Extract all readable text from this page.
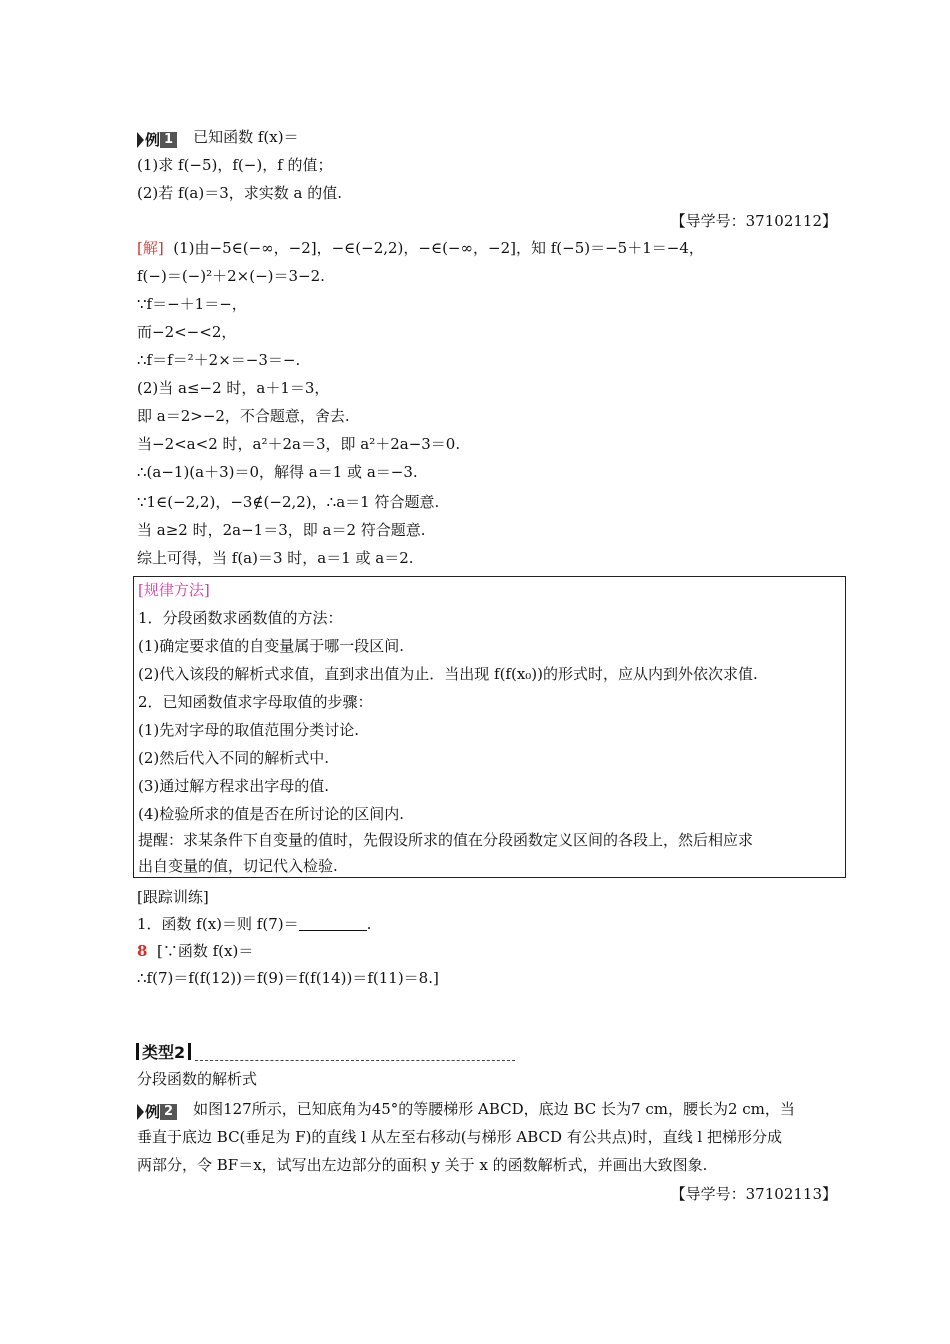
例 1 已知函数 f(x)＝
(1)求 f(−5)，f(−)，f 的值；
(2)若 f(a)＝3，求实数 a 的值.
【导学号：37102112】
[解] (1)由−5∈(−∞，−2]，−∈(−2,2)，−∈(−∞，−2]，知 f(−5)＝−5＋1＝−4，
f(−)＝(−)²＋2×(−)＝3−2.
∵f＝−＋1＝−，
而−2<−<2，
∴f＝f＝²＋2×＝−3＝−.
(2)当 a≤−2 时，a＋1＝3，
即 a＝2>−2，不合题意，舍去.
当−2<a<2 时，a²＋2a＝3，即 a²＋2a−3＝0.
∴(a−1)(a＋3)＝0，解得 a＝1 或 a＝−3.
∵1∈(−2,2)，−3∉(−2,2)，∴a＝1 符合题意.
当 a≥2 时，2a−1＝3，即 a＝2 符合题意.
综上可得，当 f(a)＝3 时，a＝1 或 a＝2.
[规律方法]
1．分段函数求函数值的方法：
(1)确定要求值的自变量属于哪一段区间.
(2)代入该段的解析式求值，直到求出值为止．当出现 f(f(x₀))的形式时，应从内到外依次求值.
2．已知函数值求字母取值的步骤：
(1)先对字母的取值范围分类讨论.
(2)然后代入不同的解析式中.
(3)通过解方程求出字母的值.
(4)检验所求的值是否在所讨论的区间内.
提醒：求某条件下自变量的值时，先假设所求的值在分段函数定义区间的各段上，然后相应求
出自变量的值，切记代入检验.
[跟踪训练]
1．函数 f(x)＝则 f(7)＝	.
8 [∵函数 f(x)＝
∴f(7)＝f(f(12))＝f(9)＝f(f(14))＝f(11)＝8.]
类型2
分段函数的解析式
例 2 如图127所示，已知底角为45°的等腰梯形 ABCD，底边 BC 长为7 cm，腰长为2 cm，当
垂直于底边 BC(垂足为 F)的直线 l 从左至右移动(与梯形 ABCD 有公共点)时，直线 l 把梯形分成
两部分，令 BF＝x，试写出左边部分的面积 y 关于 x 的函数解析式，并画出大致图象.
【导学号：37102113】
